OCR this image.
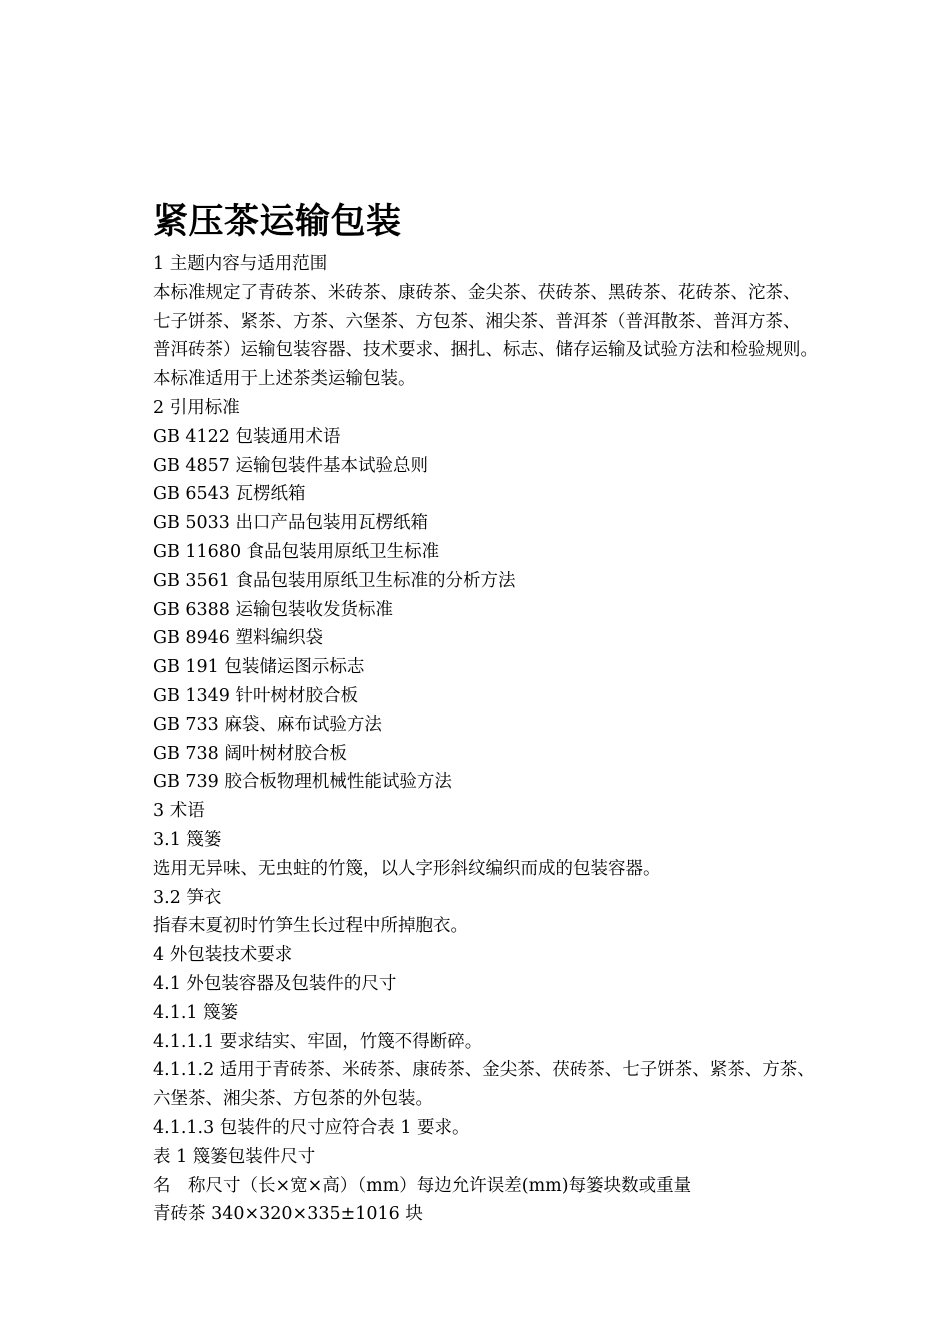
紧压茶运输包装

1 主题内容与适用范围

本标准规定了青砖茶、米砖茶、康砖茶、金尖茶、茯砖茶、黑砖茶、花砖茶、沱茶、

七子饼茶、紧茶、方茶、六堡茶、方包茶、湘尖茶、普洱茶（普洱散茶、普洱方茶、

普洱砖茶）运输包装容器、技术要求、捆扎、标志、储存运输及试验方法和检验规则。

本标准适用于上述茶类运输包装。

2 引用标准

GB 4122 包装通用术语

GB 4857 运输包装件基本试验总则

GB 6543 瓦楞纸箱

GB 5033 出口产品包装用瓦楞纸箱

GB 11680 食品包装用原纸卫生标准

GB 3561 食品包装用原纸卫生标准的分析方法

GB 6388 运输包装收发货标准

GB 8946 塑料编织袋

GB 191 包装储运图示标志

GB 1349 针叶树材胶合板

GB 733 麻袋、麻布试验方法

GB 738 阔叶树材胶合板

GB 739 胶合板物理机械性能试验方法

3 术语

3.1 篾篓

选用无异味、无虫蛀的竹篾，以人字形斜纹编织而成的包装容器。

3.2 笋衣

指春末夏初时竹笋生长过程中所掉胞衣。

4 外包装技术要求

4.1 外包装容器及包装件的尺寸

4.1.1 篾篓

4.1.1.1 要求结实、牢固，竹篾不得断碎。

4.1.1.2 适用于青砖茶、米砖茶、康砖茶、金尖茶、茯砖茶、七子饼茶、紧茶、方茶、

六堡茶、湘尖茶、方包茶的外包装。

4.1.1.3 包装件的尺寸应符合表 1 要求。

表 1 篾篓包装件尺寸

名　称尺寸（长×宽×高）（mm）每边允许误差(mm)每篓块数或重量

青砖茶 340×320×335±1016 块
